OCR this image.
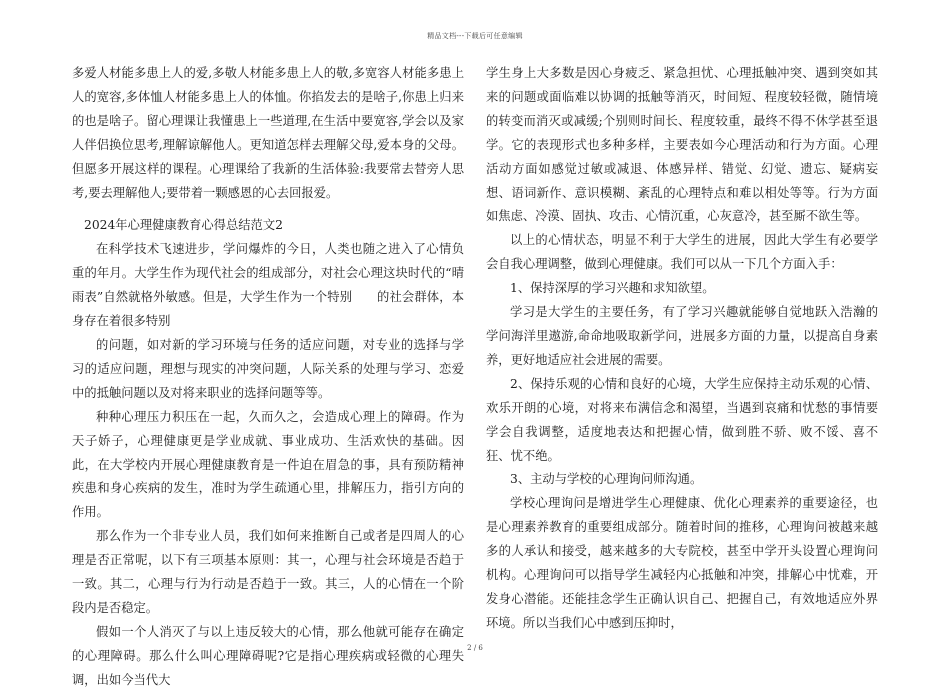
精品文档---下载后可任意编辑

多爱人材能多患上人的爱,多敬人材能多患上人的敬,多宽容人材能多患上人的宽容,多体恤人材能多患上人的体恤。你掐发去的是啥子,你患上归来的也是啥子。留心理课让我懂患上一些道理,在生活中要宽容,学会以及家人伴侣换位思考,理解谅解他人。更知道怎样去理解父母,爱本身的父母。但愿多开展这样的课程。心理课给了我新的生活体验:我要常去替旁人思考,要去理解他人;要带着一颗感恩的心去回报爱。

2024年心理健康教育心得总结范文2

在科学技术飞速进步，学问爆炸的今日，人类也随之进入了心情负重的年月。大学生作为现代社会的组成部分，对社会心理这块时代的“晴雨表”自然就格外敏感。但是，大学生作为一个特别　　的社会群体，本身存在着很多特别

的问题，如对新的学习环境与任务的适应问题，对专业的选择与学习的适应问题，理想与现实的冲突问题，人际关系的处理与学习、恋爱中的抵触问题以及对将来职业的选择问题等等。

种种心理压力积压在一起，久而久之，会造成心理上的障碍。作为天子娇子，心理健康更是学业成就、事业成功、生活欢快的基础。因此，在大学校内开展心理健康教育是一件迫在眉急的事，具有预防精神疾患和身心疾病的发生，准时为学生疏通心里，排解压力，指引方向的作用。

那么作为一个非专业人员，我们如何来推断自己或者是四周人的心理是否正常呢，以下有三项基本原则：其一，心理与社会环境是否趋于一致。其二，心理与行为行动是否趋于一致。其三，人的心情在一个阶段内是否稳定。

假如一个人消灭了与以上违反较大的心情，那么他就可能存在确定的心理障碍。那么什么叫心理障碍呢?它是指心理疾病或轻微的心理失调，出如今当代大

学生身上大多数是因心身疲乏、紧急担忧、心理抵触冲突、遇到突如其来的问题或面临难以协调的抵触等消灭，时间短、程度较轻微，随情境的转变而消灭或减缓;个别则时间长、程度较重，最终不得不休学甚至退学。它的表现形式也多种多样，主要表如今心理活动和行为方面。心理活动方面如感觉过敏或减退、体感异样、错觉、幻觉、遗忘、疑病妄想、语词新作、意识模糊、紊乱的心理特点和难以相处等等。行为方面如焦虑、冷漠、固执、攻击、心情沉重，心灰意冷，甚至厮不欲生等。

以上的心情状态，明显不利于大学生的进展，因此大学生有必要学会自我心理调整，做到心理健康。我们可以从一下几个方面入手：

1、保持深厚的学习兴趣和求知欲望。

学习是大学生的主要任务，有了学习兴趣就能够自觉地跃入浩瀚的学问海洋里遨游,命命地吸取新学问，进展多方面的力量，以提高自身素养，更好地适应社会进展的需要。

2、保持乐观的心情和良好的心境，大学生应保持主动乐观的心情、欢乐开朗的心境，对将来布满信念和渴望，当遇到哀痛和忧愁的事情要学会自我调整，适度地表达和把握心情，做到胜不骄、败不馁、喜不狂、忧不绝。

3、主动与学校的心理询问师沟通。

学校心理询问是增进学生心理健康、优化心理素养的重要途径，也是心理素养教育的重要组成部分。随着时间的推移，心理询问被越来越多的人承认和接受，越来越多的大专院校，甚至中学开头设置心理询问机构。心理询问可以指导学生减轻内心抵触和冲突，排解心中忧难，开发身心潜能。还能挂念学生正确认识自己、把握自己，有效地适应外界环境。所以当我们心中感到压抑时，

2 / 6
